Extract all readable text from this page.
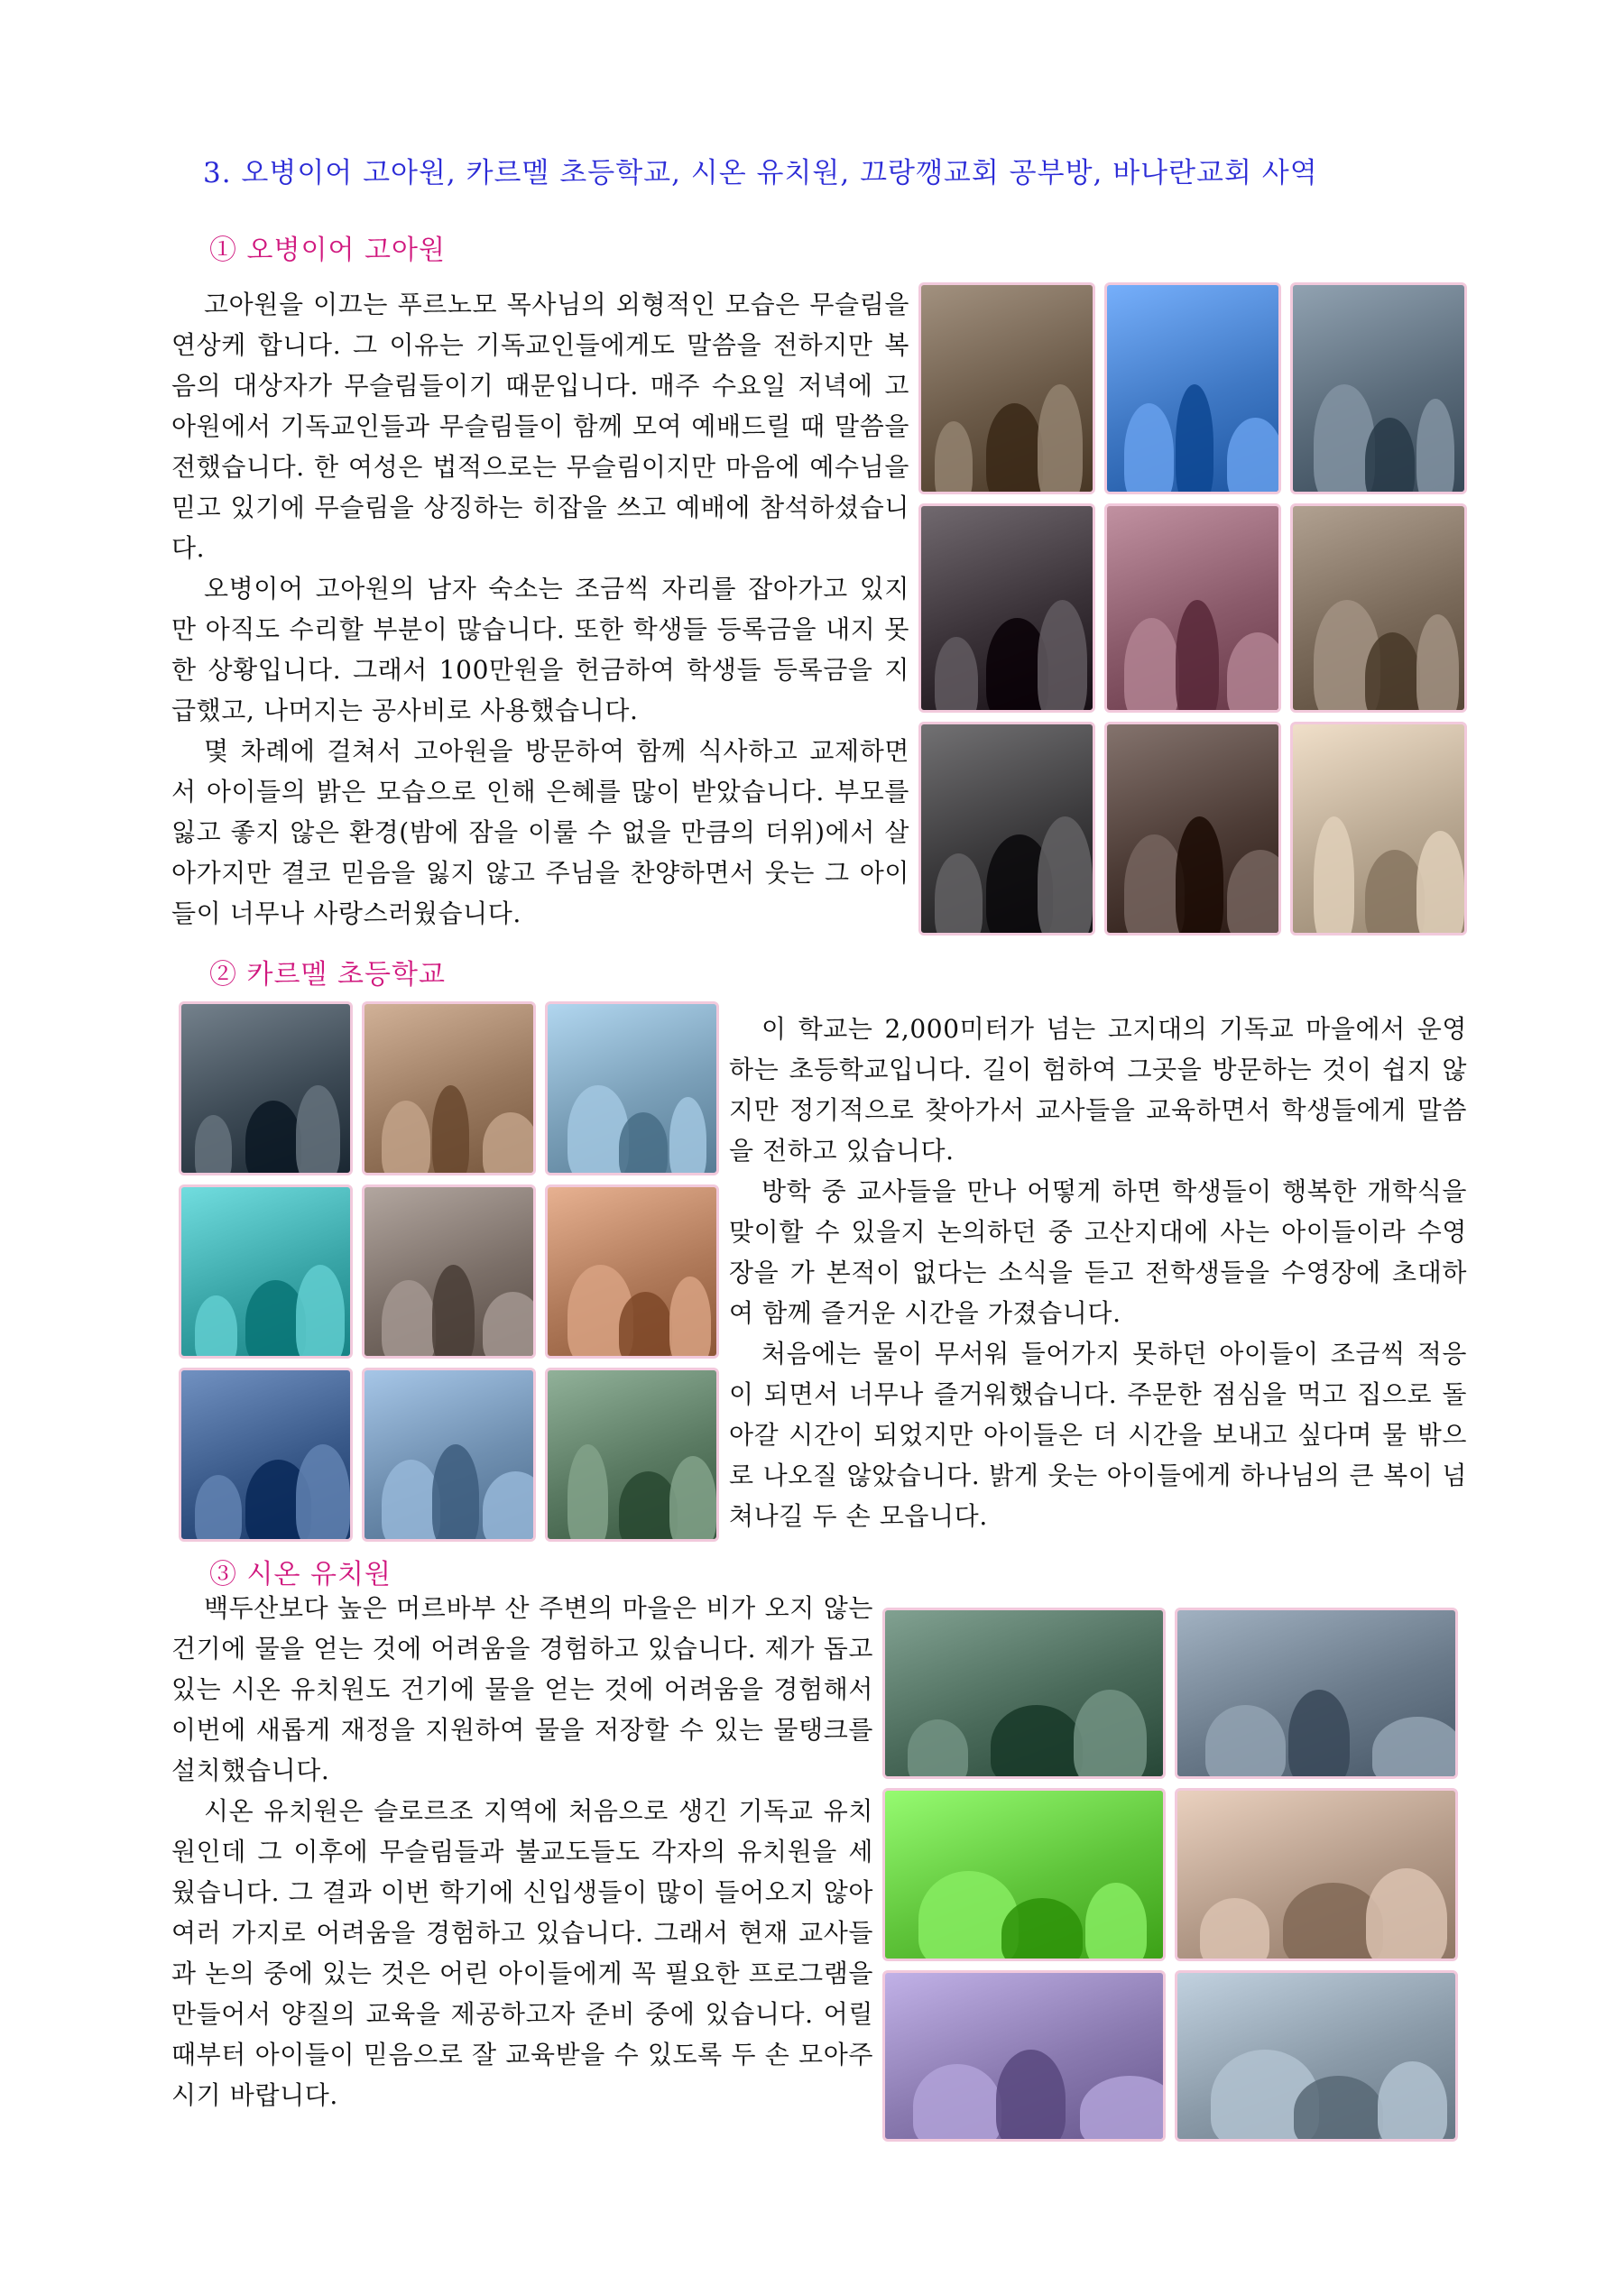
3. 오병이어 고아원, 카르멜 초등학교, 시온 유치원, 끄랑깽교회 공부방, 바나란교회 사역
① 오병이어 고아원

고아원을 이끄는 푸르노모 목사님의 외형적인 모습은 무슬림을 연상케 합니다. 그 이유는 기독교인들에게도 말씀을 전하지만 복음의 대상자가 무슬림들이기 때문입니다. 매주 수요일 저녁에 고아원에서 기독교인들과 무슬림들이 함께 모여 예배드릴 때 말씀을 전했습니다. 한 여성은 법적으로는 무슬림이지만 마음에 예수님을 믿고 있기에 무슬림을 상징하는 히잡을 쓰고 예배에 참석하셨습니다.

오병이어 고아원의 남자 숙소는 조금씩 자리를 잡아가고 있지만 아직도 수리할 부분이 많습니다. 또한 학생들 등록금을 내지 못한 상황입니다. 그래서 100만원을 헌금하여 학생들 등록금을 지급했고, 나머지는 공사비로 사용했습니다.

몇 차례에 걸쳐서 고아원을 방문하여 함께 식사하고 교제하면서 아이들의 밝은 모습으로 인해 은혜를 많이 받았습니다. 부모를 잃고 좋지 않은 환경(밤에 잠을 이룰 수 없을 만큼의 더위)에서 살아가지만 결코 믿음을 잃지 않고 주님을 찬양하면서 웃는 그 아이들이 너무나 사랑스러웠습니다.

② 카르멜 초등학교

이 학교는 2,000미터가 넘는 고지대의 기독교 마을에서 운영하는 초등학교입니다. 길이 험하여 그곳을 방문하는 것이 쉽지 않지만 정기적으로 찾아가서 교사들을 교육하면서 학생들에게 말씀을 전하고 있습니다.

방학 중 교사들을 만나 어떻게 하면 학생들이 행복한 개학식을 맞이할 수 있을지 논의하던 중 고산지대에 사는 아이들이라 수영장을 가 본적이 없다는 소식을 듣고 전학생들을 수영장에 초대하여 함께 즐거운 시간을 가졌습니다.

처음에는 물이 무서워 들어가지 못하던 아이들이 조금씩 적응이 되면서 너무나 즐거워했습니다. 주문한 점심을 먹고 집으로 돌아갈 시간이 되었지만 아이들은 더 시간을 보내고 싶다며 물 밖으로 나오질 않았습니다. 밝게 웃는 아이들에게 하나님의 큰 복이 넘쳐나길 두 손 모읍니다.

③ 시온 유치원

백두산보다 높은 머르바부 산 주변의 마을은 비가 오지 않는 건기에 물을 얻는 것에 어려움을 경험하고 있습니다. 제가 돕고 있는 시온 유치원도 건기에 물을 얻는 것에 어려움을 경험해서 이번에 새롭게 재정을 지원하여 물을 저장할 수 있는 물탱크를 설치했습니다.

시온 유치원은 슬로르조 지역에 처음으로 생긴 기독교 유치원인데 그 이후에 무슬림들과 불교도들도 각자의 유치원을 세웠습니다. 그 결과 이번 학기에 신입생들이 많이 들어오지 않아 여러 가지로 어려움을 경험하고 있습니다. 그래서 현재 교사들과 논의 중에 있는 것은 어린 아이들에게 꼭 필요한 프로그램을 만들어서 양질의 교육을 제공하고자 준비 중에 있습니다. 어릴 때부터 아이들이 믿음으로 잘 교육받을 수 있도록 두 손 모아주시기 바랍니다.
